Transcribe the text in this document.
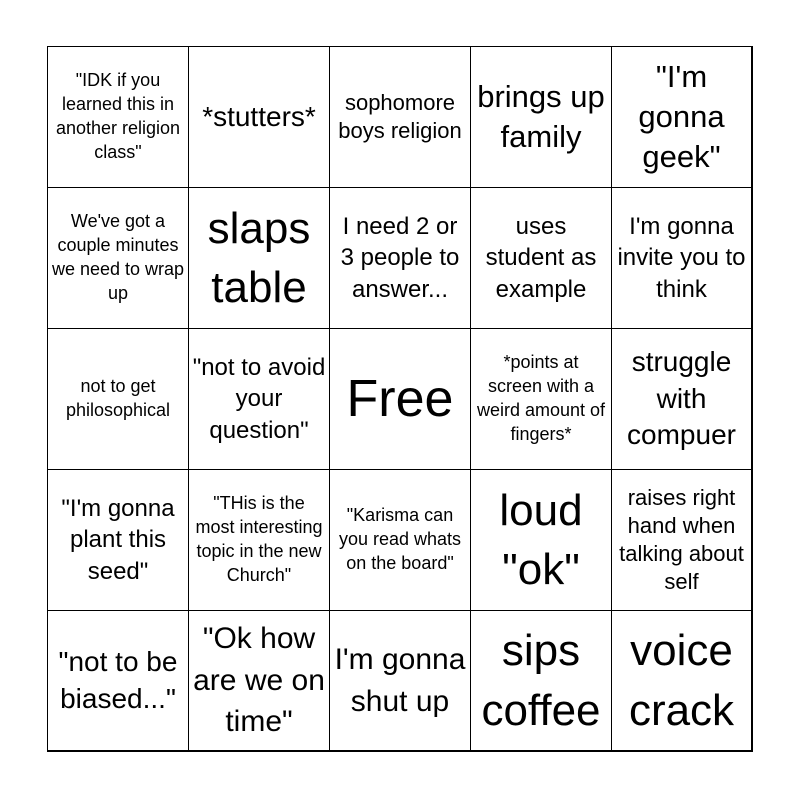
"IDK if you learned this in another religion class"
*stutters*	sophomore boys religion
brings up family
"I'm gonna geek"
We've got a couple minutes we need to wrap up
slaps table
I need 2 or 3 people to answer...
uses student as example
I'm gonna invite you to think
not to get philosophical
"not to avoid your question"
Free
*points at screen with a weird amount of fingers*
struggle with compuer
"I'm gonna plant this seed"
"THis is the most interesting topic in the new Church"
"Karisma can you read whats on the board"
loud "ok"
raises right hand when talking about self
"not to be biased..."
"Ok how are we on time"
I'm gonna shut up
sips coffee
voice crack
